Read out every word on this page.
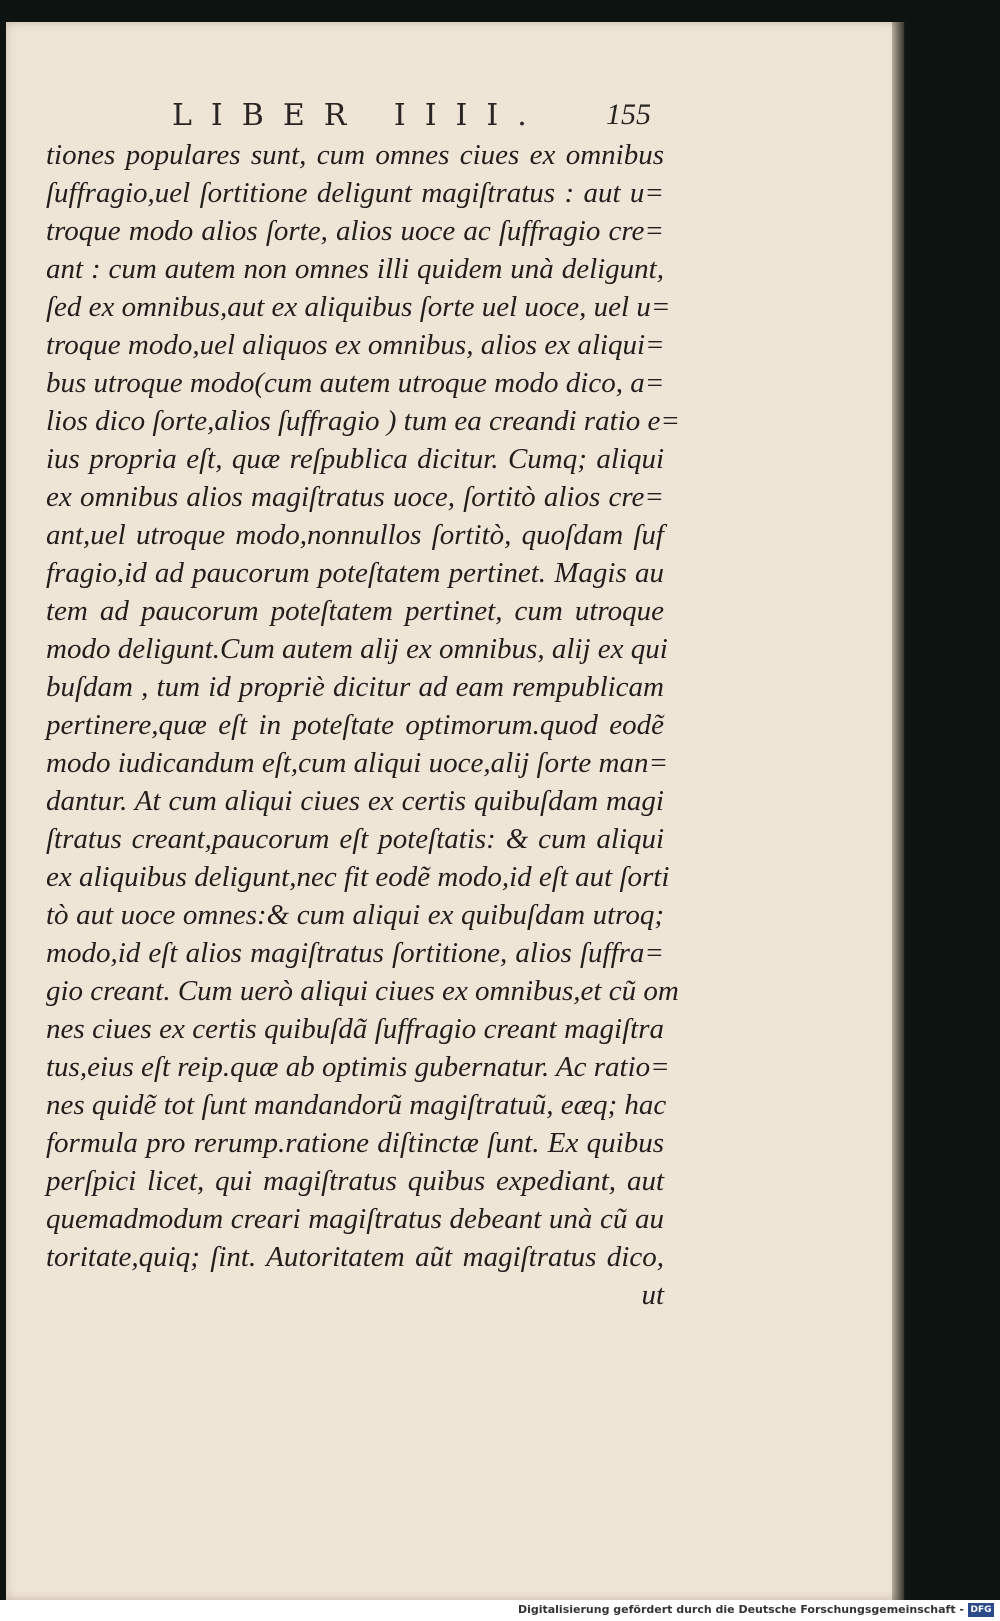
LIBER IIII. 155
tiones populares sunt, cum omnes ciues ex omnibus
ſuffragio,uel ſortitione deligunt magiſtratus : aut u=
troque modo alios ſorte, alios uoce ac ſuffragio cre=
ant : cum autem non omnes illi quidem unà deligunt,
ſed ex omnibus,aut ex aliquibus ſorte uel uoce, uel u=
troque modo,uel aliquos ex omnibus, alios ex aliqui=
bus utroque modo(cum autem utroque modo dico, a=
lios dico ſorte,alios ſuffragio ) tum ea creandi ratio e=
ius propria eſt, quæ reſpublica dicitur. Cumq; aliqui
ex omnibus alios magiſtratus uoce, ſortitò alios cre=
ant,uel utroque modo,nonnullos ſortitò, quoſdam ſuf
fragio,id ad paucorum poteſtatem pertinet. Magis au
tem ad paucorum poteſtatem pertinet, cum utroque
modo deligunt.Cum autem alij ex omnibus, alij ex qui
buſdam , tum id propriè dicitur ad eam rempublicam
pertinere,quæ eſt in poteſtate optimorum.quod eodẽ
modo iudicandum eſt,cum aliqui uoce,alij ſorte man=
dantur. At cum aliqui ciues ex certis quibuſdam magi
ſtratus creant,paucorum eſt poteſtatis: & cum aliqui
ex aliquibus deligunt,nec fit eodẽ modo,id eſt aut ſorti
tò aut uoce omnes:& cum aliqui ex quibuſdam utroq;
modo,id eſt alios magiſtratus ſortitione, alios ſuffra=
gio creant. Cum uerò aliqui ciues ex omnibus,et cũ om
nes ciues ex certis quibuſdã ſuffragio creant magiſtra
tus,eius eſt reip.quæ ab optimis gubernatur. Ac ratio=
nes quidẽ tot ſunt mandandorũ magiſtratuũ, eæq; hac
formula pro rerump.ratione diſtinctæ ſunt. Ex quibus
perſpici licet, qui magiſtratus quibus expediant, aut
quemadmodum creari magiſtratus debeant unà cũ au
toritate,quiq; ſint. Autoritatem aũt magiſtratus dico,
ut
Digitalisierung gefördert durch die Deutsche Forschungsgemeinschaft - DFG
